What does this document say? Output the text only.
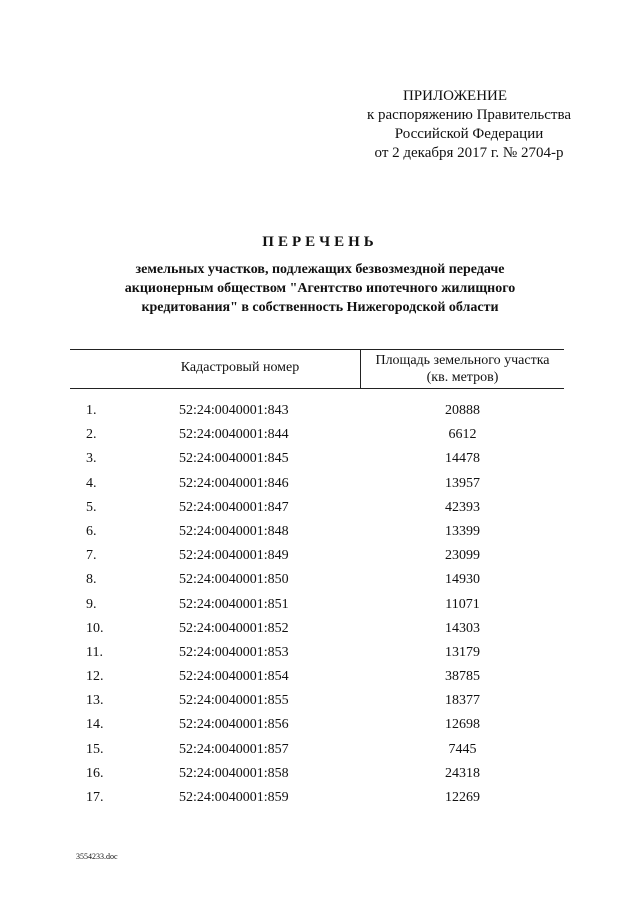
ПРИЛОЖЕНИЕ
к распоряжению Правительства
Российской Федерации
от 2 декабря 2017 г. № 2704-р
ПЕРЕЧЕНЬ
земельных участков, подлежащих безвозмездной передаче
акционерным обществом "Агентство ипотечного жилищного
кредитования" в собственность Нижегородской области
Кадастровый номер	Площадь земельного участка
(кв. метров)
1.	52:24:0040001:843	20888
2.	52:24:0040001:844	6612
3.	52:24:0040001:845	14478
4.	52:24:0040001:846	13957
5.	52:24:0040001:847	42393
6.	52:24:0040001:848	13399
7.	52:24:0040001:849	23099
8.	52:24:0040001:850	14930
9.	52:24:0040001:851	11071
10.	52:24:0040001:852	14303
11.	52:24:0040001:853	13179
12.	52:24:0040001:854	38785
13.	52:24:0040001:855	18377
14.	52:24:0040001:856	12698
15.	52:24:0040001:857	7445
16.	52:24:0040001:858	24318
17.	52:24:0040001:859	12269
3554233.doc
